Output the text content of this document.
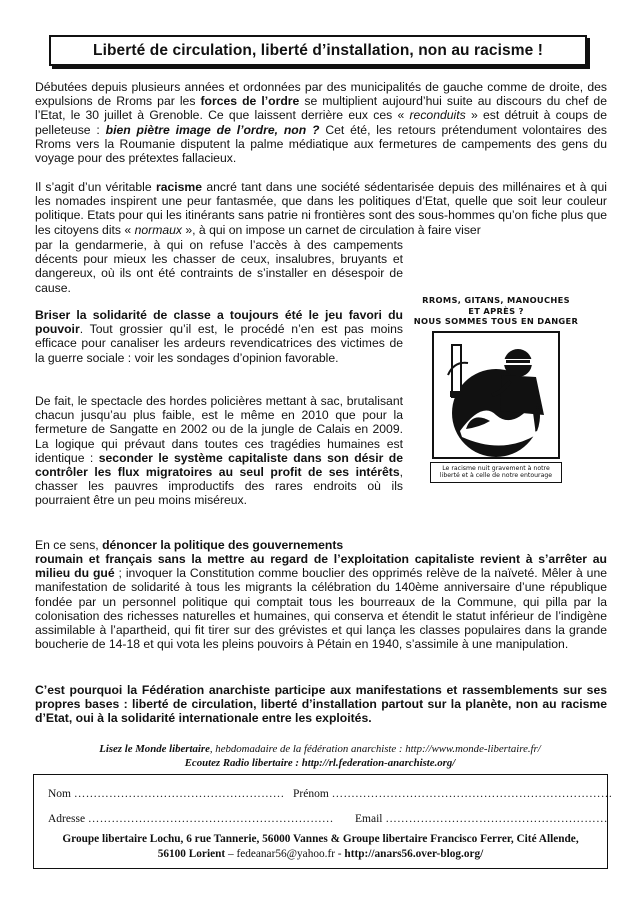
Liberté de circulation, liberté d’installation, non au racisme !
Débutées depuis plusieurs années et ordonnées par des municipalités de gauche comme de droite, des expulsions de Rroms par les forces de l’ordre se multiplient aujourd’hui suite au discours du chef de l’Etat, le 30 juillet à Grenoble. Ce que laissent derrière eux ces « reconduits » est détruit à coups de pelleteuse : bien piètre image de l’ordre, non ? Cet été, les retours prétendument volontaires des Rroms vers la Roumanie disputent la palme médiatique aux fermetures de campements des gens du voyage pour des prétextes fallacieux.
Il s’agit d’un véritable racisme ancré tant dans une société sédentarisée depuis des millénaires et à qui les nomades inspirent une peur fantasmée, que dans les politiques d’Etat, quelle que soit leur couleur politique. Etats pour qui les itinérants sans patrie ni frontières sont des sous-hommes qu’on fiche plus que les citoyens dits « normaux », à qui on impose un carnet de circulation à faire viser
par la gendarmerie, à qui on refuse l’accès à des campements décents pour mieux les chasser de ceux, insalubres, bruyants et dangereux, où ils ont été contraints de s’installer en désespoir de cause.
Briser la solidarité de classe a toujours été le jeu favori du pouvoir. Tout grossier qu’il est, le procédé n’en est pas moins efficace pour canaliser les ardeurs revendicatrices des victimes de la guerre sociale : voir les sondages d’opinion favorable.
De fait, le spectacle des hordes policières mettant à sac, brutalisant chacun jusqu’au plus faible, est le même en 2010 que pour la fermeture de Sangatte en 2002 ou de la jungle de Calais en 2009. La logique qui prévaut dans toutes ces tragédies humaines est identique : seconder le système capitaliste dans son désir de contrôler les flux migratoires au seul profit de ses intérêts, chasser les pauvres improductifs des rares endroits où ils pourraient être un peu moins miséreux.
En ce sens, dénoncer la politique des gouvernements
roumain et français sans la mettre au regard de l’exploitation capitaliste revient à s’arrêter au milieu du gué ; invoquer la Constitution comme bouclier des opprimés relève de la naïveté. Mêler à une manifestation de solidarité à tous les migrants la célébration du 140ème anniversaire d’une république fondée par un personnel politique qui comptait tous les bourreaux de la Commune, qui pilla par la colonisation des richesses naturelles et humaines, qui conserva et étendit le statut inférieur de l’indigène assimilable à l’apartheid, qui fit tirer sur des grévistes et qui lança les classes populaires dans la grande boucherie de 14-18 et qui vota les pleins pouvoirs à Pétain en 1940, s’assimile à une manipulation.
C’est pourquoi la Fédération anarchiste participe aux manifestations et rassemblements sur ses propres bases : liberté de circulation, liberté d’installation partout sur la planète, non au racisme d’Etat, oui à la solidarité internationale entre les exploités.
RROMS, GITANS, MANOUCHES
ET APRÈS ?
NOUS SOMMES TOUS EN DANGER
Le racisme nuit gravement à notre liberté et à celle de notre entourage
Lisez le Monde libertaire, hebdomadaire de la fédération anarchiste : http://www.monde-libertaire.fr/
Ecoutez Radio libertaire : http://rl.federation-anarchiste.org/
Nom ……………………………………………… Prénom ………………………………………………………………
Adresse ……………………………………………………… Email …………………………………………………
Groupe libertaire Lochu, 6 rue Tannerie, 56000 Vannes & Groupe libertaire Francisco Ferrer, Cité Allende,
56100 Lorient – fedeanar56@yahoo.fr - http://anars56.over-blog.org/
